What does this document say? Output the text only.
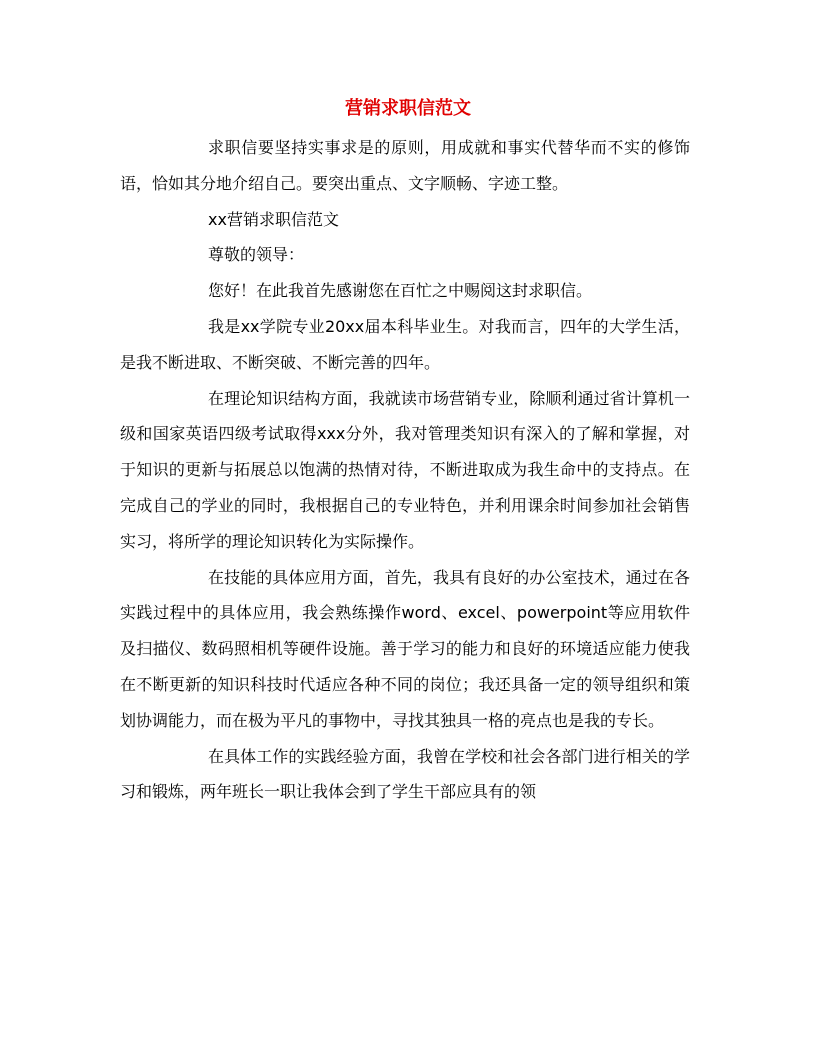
营销求职信范文

求职信要坚持实事求是的原则，用成就和事实代替华而不实的修饰语，恰如其分地介绍自己。要突出重点、文字顺畅、字迹工整。

xx营销求职信范文

尊敬的领导：

您好！在此我首先感谢您在百忙之中赐阅这封求职信。

我是xx学院专业20xx届本科毕业生。对我而言，四年的大学生活，是我不断进取、不断突破、不断完善的四年。

在理论知识结构方面，我就读市场营销专业，除顺利通过省计算机一级和国家英语四级考试取得xxx分外，我对管理类知识有深入的了解和掌握，对于知识的更新与拓展总以饱满的热情对待，不断进取成为我生命中的支持点。在完成自己的学业的同时，我根据自己的专业特色，并利用课余时间参加社会销售实习，将所学的理论知识转化为实际操作。

在技能的具体应用方面，首先，我具有良好的办公室技术，通过在各实践过程中的具体应用，我会熟练操作word、excel、powerpoint等应用软件及扫描仪、数码照相机等硬件设施。善于学习的能力和良好的环境适应能力使我在不断更新的知识科技时代适应各种不同的岗位；我还具备一定的领导组织和策划协调能力，而在极为平凡的事物中，寻找其独具一格的亮点也是我的专长。

在具体工作的实践经验方面，我曾在学校和社会各部门进行相关的学习和锻炼，两年班长一职让我体会到了学生干部应具有的领
